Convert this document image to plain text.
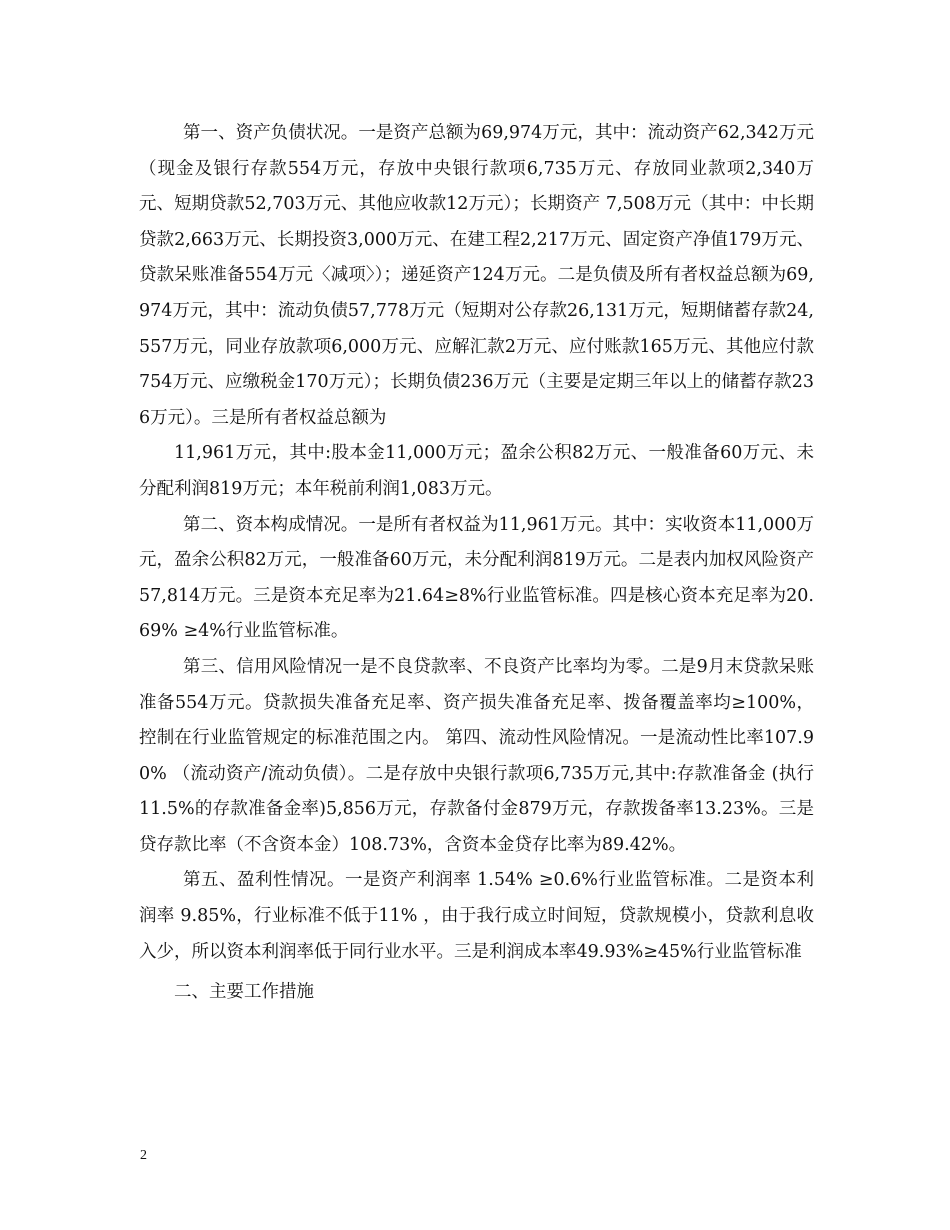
第一、资产负债状况。一是资产总额为69,974万元，其中：流动资产62,342万元（现金及银行存款554万元，存放中央银行款项6,735万元、存放同业款项2,340万元、短期贷款52,703万元、其他应收款12万元）；长期资产 7,508万元（其中：中长期贷款2,663万元、长期投资3,000万元、在建工程2,217万元、固定资产净值179万元、贷款呆账准备554万元〈减项〉）；递延资产124万元。二是负债及所有者权益总额为69,974万元，其中：流动负债57,778万元（短期对公存款26,131万元，短期储蓄存款24,557万元，同业存放款项6,000万元、应解汇款2万元、应付账款165万元、其他应付款754万元、应缴税金170万元）；长期负债236万元（主要是定期三年以上的储蓄存款236万元）。三是所有者权益总额为

11,961万元，其中:股本金11,000万元；盈余公积82万元、一般准备60万元、未分配利润819万元；本年税前利润1,083万元。

第二、资本构成情况。一是所有者权益为11,961万元。其中：实收资本11,000万元，盈余公积82万元，一般准备60万元，未分配利润819万元。二是表内加权风险资产57,814万元。三是资本充足率为21.64≥8%行业监管标准。四是核心资本充足率为20.69% ≥4%行业监管标准。

第三、信用风险情况一是不良贷款率、不良资产比率均为零。二是9月末贷款呆账准备554万元。贷款损失准备充足率、资产损失准备充足率、拨备覆盖率均≥100%，控制在行业监管规定的标准范围之内。 第四、流动性风险情况。一是流动性比率107.90% （流动资产/流动负债）。二是存放中央银行款项6,735万元,其中:存款准备金 (执行11.5%的存款准备金率)5,856万元，存款备付金879万元，存款拨备率13.23%。三是贷存款比率（不含资本金）108.73%，含资本金贷存比率为89.42%。

第五、盈利性情况。一是资产利润率 1.54% ≥0.6%行业监管标准。二是资本利润率 9.85%，行业标准不低于11% ，由于我行成立时间短，贷款规模小，贷款利息收入少，所以资本利润率低于同行业水平。三是利润成本率49.93%≥45%行业监管标准

二、主要工作措施

2
